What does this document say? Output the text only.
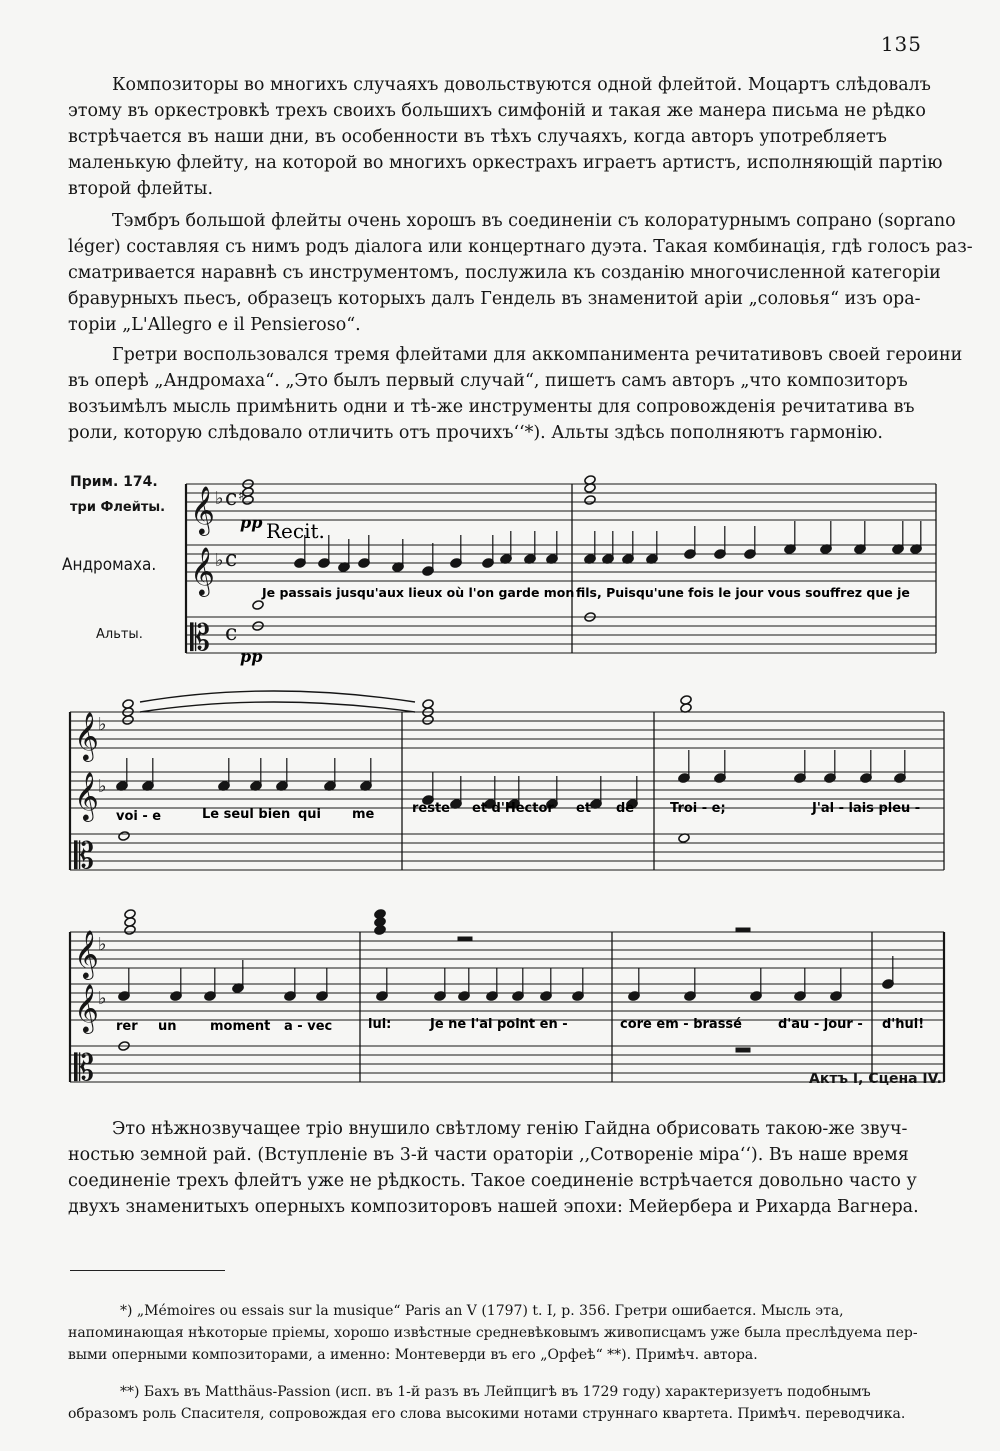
135

Композиторы во многихъ случаяхъ довольствуются одной флейтой. Моцартъ слѣдовалъ
этому въ оркестровкѣ трехъ своихъ большихъ симфоній и такая же манера письма не рѣдко
встрѣчается въ наши дни, въ особенности въ тѣхъ случаяхъ, когда авторъ употребляетъ
маленькую флейту, на которой во многихъ оркестрахъ играетъ артистъ, исполняющій партію
второй флейты.

Тэмбръ большой флейты очень хорошъ въ соединеніи съ колоратурнымъ сопрано (soprano
léger) составляя съ нимъ родъ діалога или концертнаго дуэта. Такая комбинація, гдѣ голосъ раз-
сматривается наравнѣ съ инструментомъ, послужила къ созданію многочисленной категоріи
бравурныхъ пьесъ, образецъ которыхъ далъ Гендель въ знаменитой аріи „соловья“ изъ ора-
торіи „L'Allegro e il Pensieroso“.

Гретри воспользовался тремя флейтами для аккомпанимента речитативовъ своей героини
въ оперѣ „Андромаха“. „Это былъ первый случай“, пишетъ самъ авторъ „что композиторъ
возъимѣлъ мысль примѣнить одни и тѣ-же инструменты для сопровожденія речитатива въ
роли, которую слѣдовало отличить отъ прочихъ‘‘*). Альты здѣсь пополняютъ гармонію.

Прим. 174.
три Флейты.
Андромаха.
Альты.
𝄞
𝄞
𝄡
♭
♭
c
c
c
♯
𝄞
𝄞
𝄡
♭
♭
𝄞
𝄞
𝄡
♭
♭
pp Recit.
pp
Je passais jusqu'aux lieux où l'on garde mon fils, Puisqu'une fois le jour vous souffrez que je
voi - e	Le seul bien qui me	reste et d'Hector et de	Troi - e;	J'al - lais pleu -
rer un	moment a - vec	lui:	Je ne l'ai point en -	core em - brassé	d'au - jour - d'hui!
Актъ I, Сцена IV.

Это нѣжнозвучащее тріо внушило свѣтлому генію Гайдна обрисовать такою-же звуч-
ностью земной рай. (Вступленіе въ 3-й части ораторіи ,,Сотвореніе міра‘‘). Въ наше время
соединеніе трехъ флейтъ уже не рѣдкость. Такое соединеніе встрѣчается довольно часто у
двухъ знаменитыхъ оперныхъ композиторовъ нашей эпохи: Мейербера и Рихарда Вагнера.

*) „Mémoires ou essais sur la musique“ Paris an V (1797) t. I, p. 356. Гретри ошибается. Мысль эта,
напоминающая нѣкоторые пріемы, хорошо извѣстные средневѣковымъ живописцамъ уже была преслѣдуема пер-
выми оперными композиторами, а именно: Монтеверди въ его „Орфеѣ“ **). Примѣч. автора.

**) Бахъ въ Matthäus-Passion (исп. въ 1-й разъ въ Лейпцигѣ въ 1729 году) характеризуетъ подобнымъ
образомъ роль Спасителя, сопровождая его слова высокими нотами струннаго квартета. Примѣч. переводчика.
